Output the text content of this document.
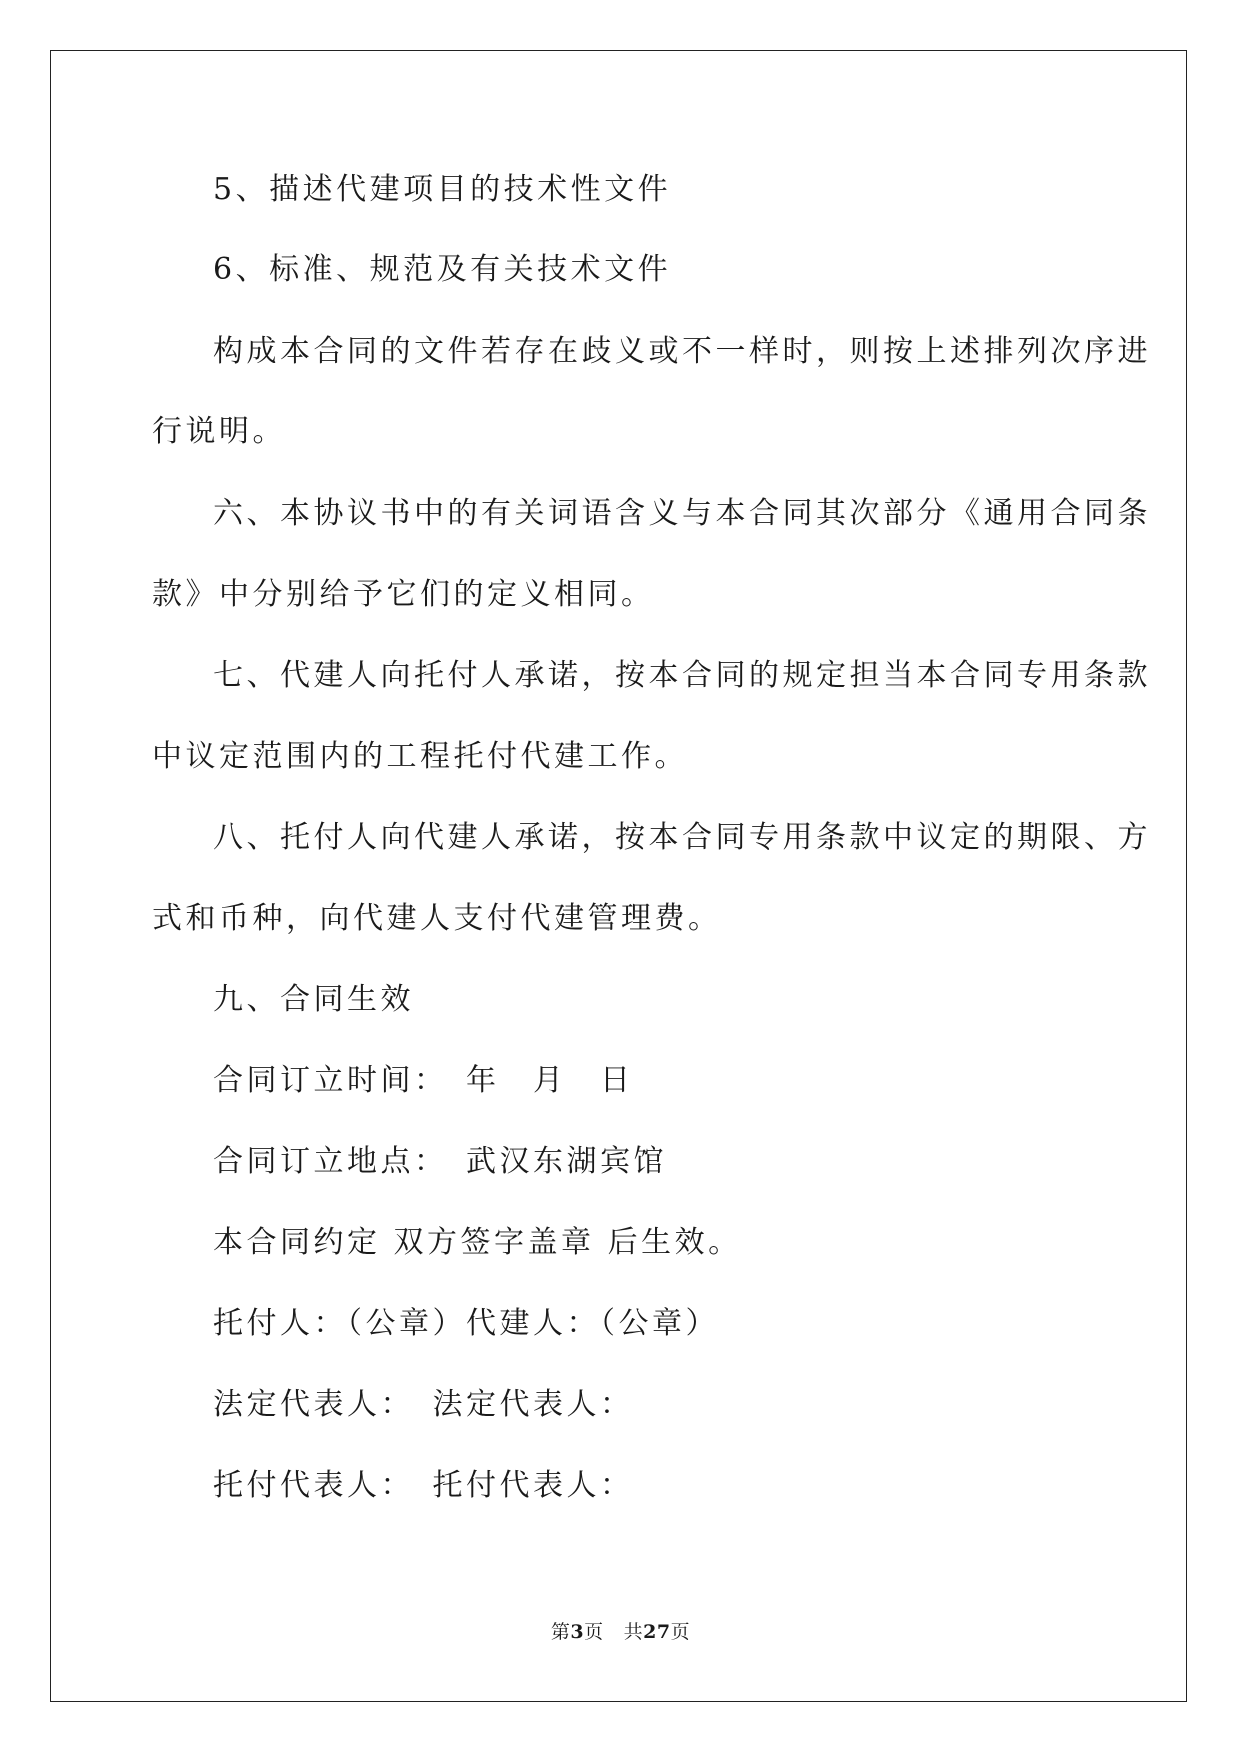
5、描述代建项目的技术性文件
6、标准、规范及有关技术文件
构成本合同的文件若存在歧义或不一样时，则按上述排列次序进
行说明。
六、本协议书中的有关词语含义与本合同其次部分《通用合同条
款》中分别给予它们的定义相同。
七、代建人向托付人承诺，按本合同的规定担当本合同专用条款
中议定范围内的工程托付代建工作。
八、托付人向代建人承诺，按本合同专用条款中议定的期限、方
式和币种，向代建人支付代建管理费。
九、合同生效
合同订立时间：　年　月　日
合同订立地点：　武汉东湖宾馆
本合同约定 双方签字盖章 后生效。
托付人：（公章）代建人：（公章）
法定代表人：　法定代表人：
托付代表人：　托付代表人：
第3页 共27页
